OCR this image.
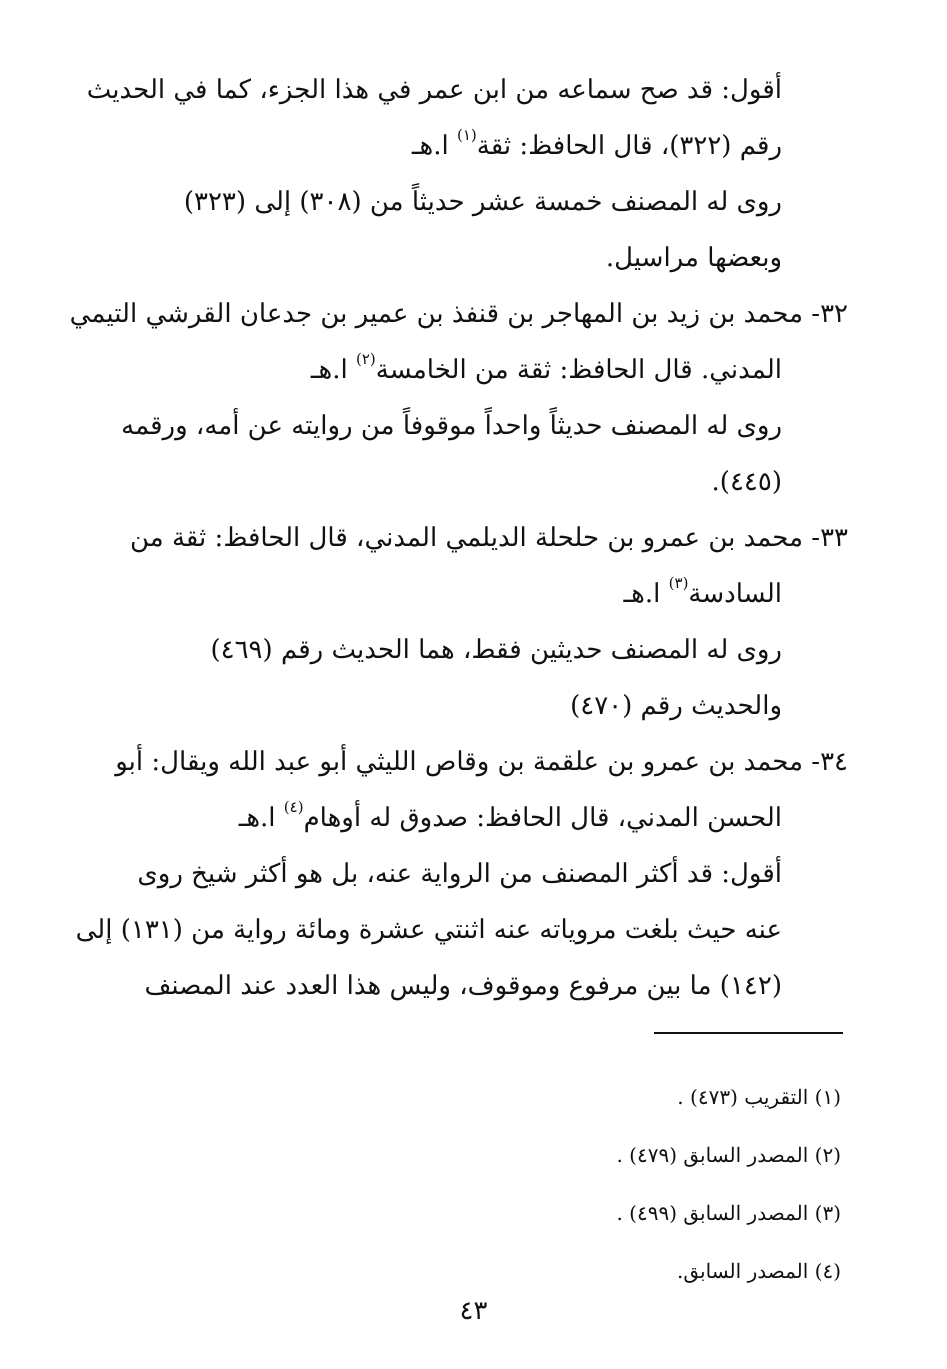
أقول: قد صح سماعه من ابن عمر في هذا الجزء، كما في الحديث
رقم (٣٢٢)، قال الحافظ: ثقة$^{(١)}$ ا.هـ
روى له المصنف خمسة عشر حديثاً من (٣٠٨) إلى (٣٢٣)
وبعضها مراسيل.
٣٢- محمد بن زيد بن المهاجر بن قنفذ بن عمير بن جدعان القرشي التيمي
المدني. قال الحافظ: ثقة من الخامسة$^{(٢)}$ ا.هـ
روى له المصنف حديثاً واحداً موقوفاً من روايته عن أمه، ورقمه
(٤٤٥).
٣٣- محمد بن عمرو بن حلحلة الديلمي المدني، قال الحافظ: ثقة من
السادسة$^{(٣)}$ ا.هـ
روى له المصنف حديثين فقط، هما الحديث رقم (٤٦٩)
والحديث رقم (٤٧٠)
٣٤- محمد بن عمرو بن علقمة بن وقاص الليثي أبو عبد الله ويقال: أبو
الحسن المدني، قال الحافظ: صدوق له أوهام$^{(٤)}$ ا.هـ
أقول: قد أكثر المصنف من الرواية عنه، بل هو أكثر شيخ روى
عنه حيث بلغت مروياته عنه اثنتي عشرة ومائة رواية من (١٣١) إلى
(١٤٢) ما بين مرفوع وموقوف، وليس هذا العدد عند المصنف
(١) التقريب (٤٧٣) .
(٢) المصدر السابق (٤٧٩) .
(٣) المصدر السابق (٤٩٩) .
(٤) المصدر السابق.
٤٣
